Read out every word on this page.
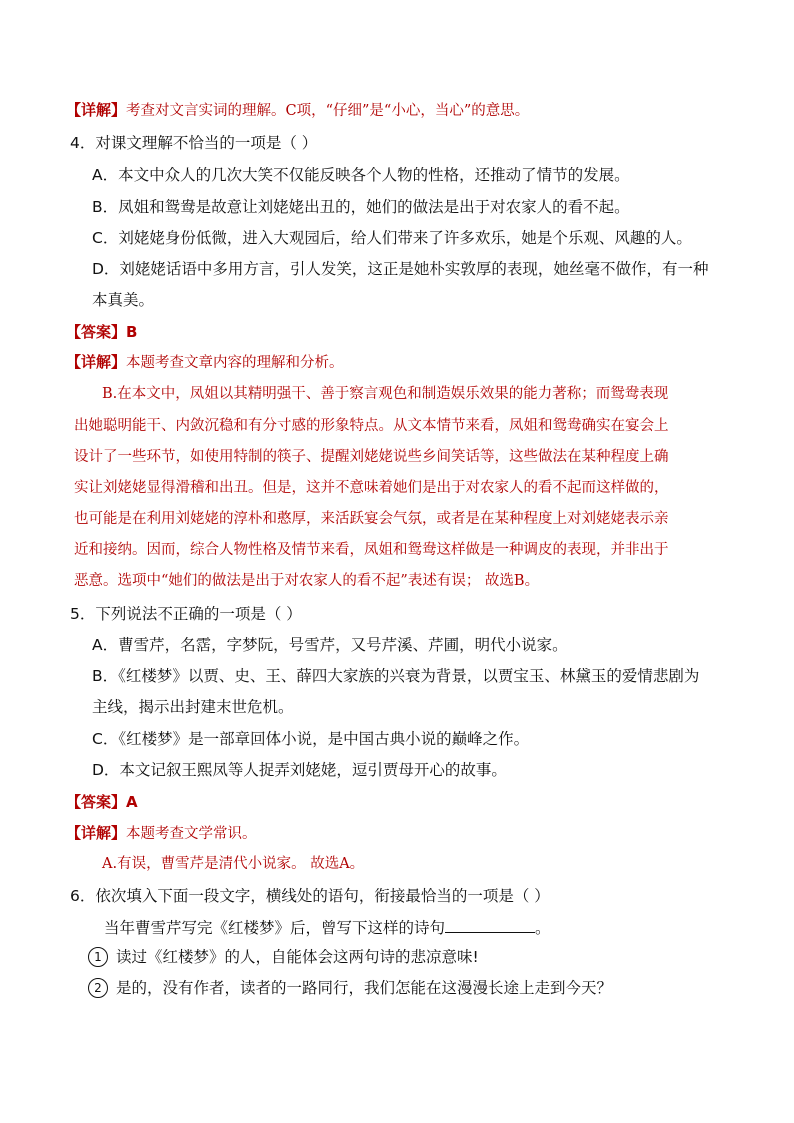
【详解】考查对文言实词的理解。C项，“仔细”是“小心，当心”的意思。
4．对课文理解不恰当的一项是（ ）
A．本文中众人的几次大笑不仅能反映各个人物的性格，还推动了情节的发展。
B．凤姐和鸳鸯是故意让刘姥姥出丑的，她们的做法是出于对农家人的看不起。
C．刘姥姥身份低微，进入大观园后，给人们带来了许多欢乐，她是个乐观、风趣的人。
D．刘姥姥话语中多用方言，引人发笑，这正是她朴实敦厚的表现，她丝毫不做作，有一种
本真美。
【答案】B
【详解】本题考查文章内容的理解和分析。
B.在本文中，凤姐以其精明强干、善于察言观色和制造娱乐效果的能力著称；而鸳鸯表现
出她聪明能干、内敛沉稳和有分寸感的形象特点。从文本情节来看，凤姐和鸳鸯确实在宴会上
设计了一些环节，如使用特制的筷子、提醒刘姥姥说些乡间笑话等，这些做法在某种程度上确
实让刘姥姥显得滑稽和出丑。但是，这并不意味着她们是出于对农家人的看不起而这样做的，
也可能是在利用刘姥姥的淳朴和憨厚，来活跃宴会气氛，或者是在某种程度上对刘姥姥表示亲
近和接纳。因而，综合人物性格及情节来看，凤姐和鸳鸯这样做是一种调皮的表现，并非出于
恶意。选项中“她们的做法是出于对农家人的看不起”表述有误； 故选B。
5．下列说法不正确的一项是（ ）
A．曹雪芹，名霑，字梦阮，号雪芹，又号芹溪、芹圃，明代小说家。
B．《红楼梦》以贾、史、王、薛四大家族的兴衰为背景，以贾宝玉、林黛玉的爱情悲剧为
主线，揭示出封建末世危机。
C．《红楼梦》是一部章回体小说，是中国古典小说的巅峰之作。
D．本文记叙王熙凤等人捉弄刘姥姥，逗引贾母开心的故事。
【答案】A
【详解】本题考查文学常识。
A.有误，曹雪芹是清代小说家。 故选A。
6．依次填入下面一段文字，横线处的语句，衔接最恰当的一项是（ ）
当年曹雪芹写完《红楼梦》后，曾写下这样的诗句	。
1 读过《红楼梦》的人，自能体会这两句诗的悲凉意味!
2 是的，没有作者，读者的一路同行，我们怎能在这漫漫长途上走到今天？
